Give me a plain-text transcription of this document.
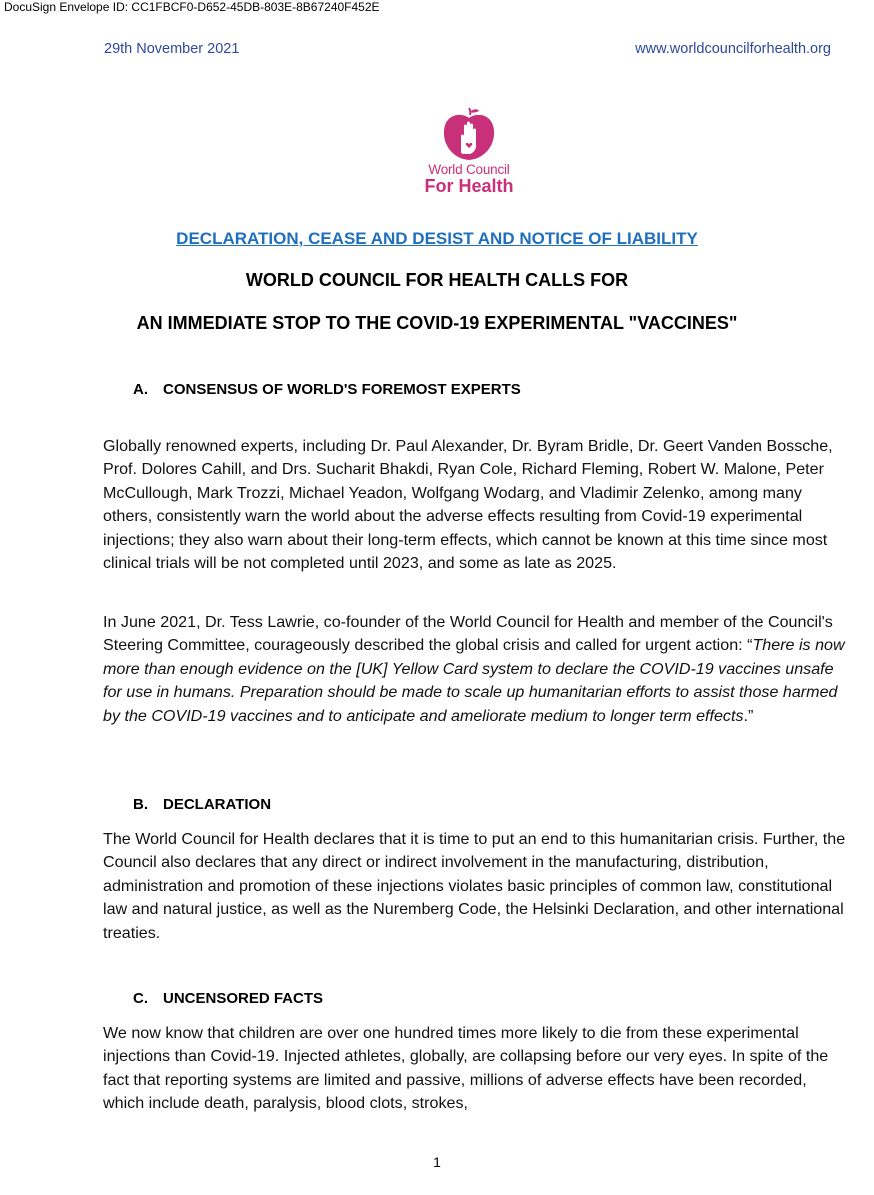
DocuSign Envelope ID: CC1FBCF0-D652-45DB-803E-8B67240F452E
29th November 2021	www.worldcouncilforhealth.org
World Council
For Health
DECLARATION, CEASE AND DESIST AND NOTICE OF LIABILITY
WORLD COUNCIL FOR HEALTH CALLS FOR
AN IMMEDIATE STOP TO THE COVID-19 EXPERIMENTAL "VACCINES"
A. CONSENSUS OF WORLD'S FOREMOST EXPERTS

Globally renowned experts, including Dr. Paul Alexander, Dr. Byram Bridle, Dr. Geert Vanden Bossche, Prof. Dolores Cahill, and Drs. Sucharit Bhakdi, Ryan Cole, Richard Fleming, Robert W. Malone, Peter McCullough, Mark Trozzi, Michael Yeadon, Wolfgang Wodarg, and Vladimir Zelenko, among many others, consistently warn the world about the adverse effects resulting from Covid-19 experimental injections; they also warn about their long-term effects, which cannot be known at this time since most clinical trials will be not completed until 2023, and some as late as 2025.

In June 2021, Dr. Tess Lawrie, co-founder of the World Council for Health and member of the Council's Steering Committee, courageously described the global crisis and called for urgent action: “There is now more than enough evidence on the [UK] Yellow Card system to declare the COVID-19 vaccines unsafe for use in humans. Preparation should be made to scale up humanitarian efforts to assist those harmed by the COVID-19 vaccines and to anticipate and ameliorate medium to longer term effects.”

B. DECLARATION

The World Council for Health declares that it is time to put an end to this humanitarian crisis. Further, the Council also declares that any direct or indirect involvement in the manufacturing, distribution, administration and promotion of these injections violates basic principles of common law, constitutional law and natural justice, as well as the Nuremberg Code, the Helsinki Declaration, and other international treaties.

C. UNCENSORED FACTS

We now know that children are over one hundred times more likely to die from these experimental injections than Covid-19. Injected athletes, globally, are collapsing before our very eyes. In spite of the fact that reporting systems are limited and passive, millions of adverse effects have been recorded, which include death, paralysis, blood clots, strokes,

1
